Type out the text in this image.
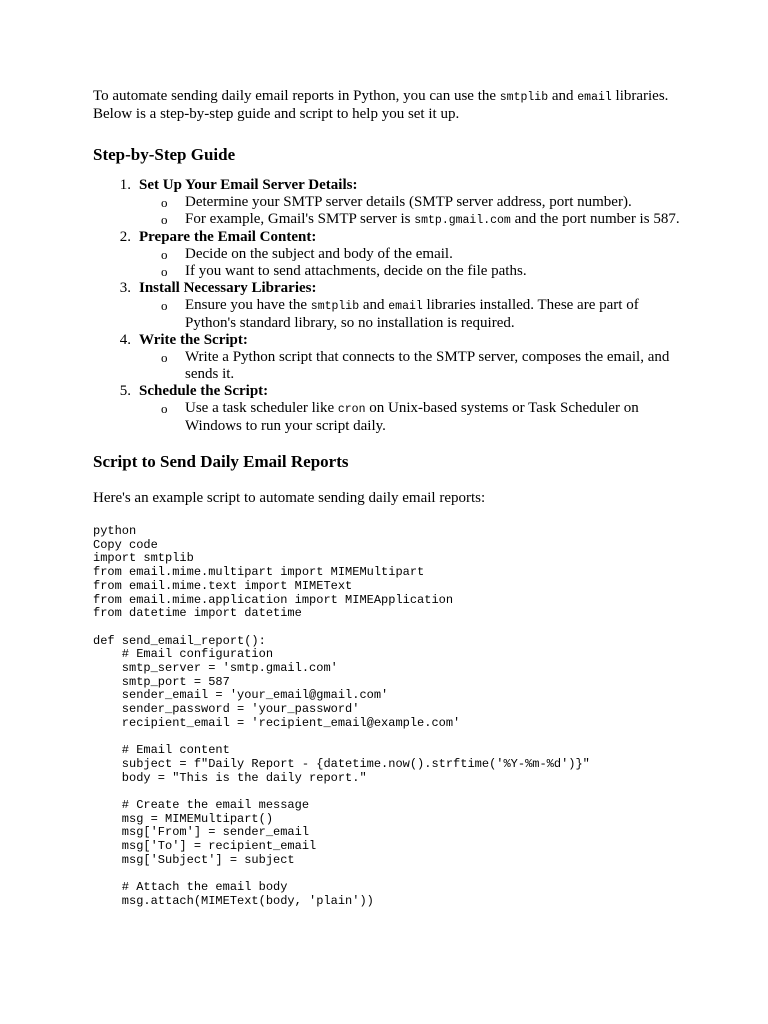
To automate sending daily email reports in Python, you can use the smtplib and email libraries. Below is a step-by-step guide and script to help you set it up.

Step-by-Step Guide
1. Set Up Your Email Server Details:
o Determine your SMTP server details (SMTP server address, port number).
o For example, Gmail's SMTP server is smtp.gmail.com and the port number is 587.
2. Prepare the Email Content:
o Decide on the subject and body of the email.
o If you want to send attachments, decide on the file paths.
3. Install Necessary Libraries:
o Ensure you have the smtplib and email libraries installed. These are part of Python's standard library, so no installation is required.
4. Write the Script:
o Write a Python script that connects to the SMTP server, composes the email, and sends it.
5. Schedule the Script:
o Use a task scheduler like cron on Unix-based systems or Task Scheduler on Windows to run your script daily.
Script to Send Daily Email Reports

Here's an example script to automate sending daily email reports:

python
Copy code
import smtplib
from email.mime.multipart import MIMEMultipart
from email.mime.text import MIMEText
from email.mime.application import MIMEApplication
from datetime import datetime
def send_email_report():
# Email configuration
smtp_server = 'smtp.gmail.com'
smtp_port = 587
sender_email = 'your_email@gmail.com'
sender_password = 'your_password'
recipient_email = 'recipient_email@example.com'
# Email content
subject = f"Daily Report - {datetime.now().strftime('%Y-%m-%d')}"
body = "This is the daily report."
# Create the email message
msg = MIMEMultipart()
msg['From'] = sender_email
msg['To'] = recipient_email
msg['Subject'] = subject
# Attach the email body
msg.attach(MIMEText(body, 'plain'))
